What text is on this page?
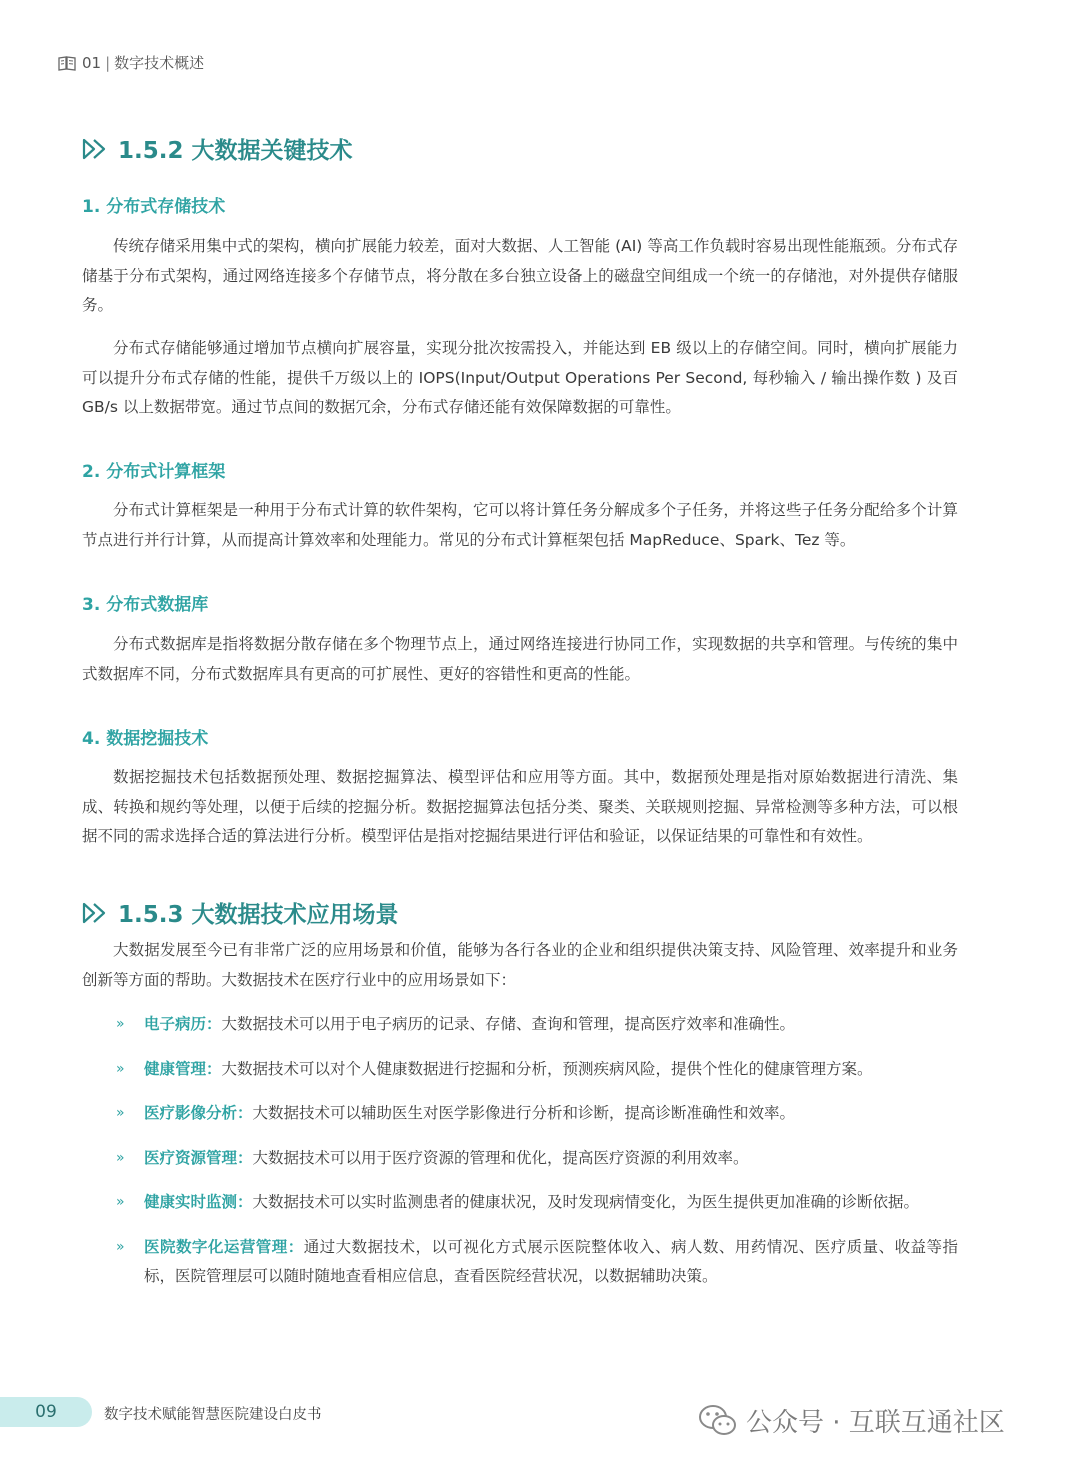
01 | 数字技术概述
1.5.2 大数据关键技术
1. 分布式存储技术

传统存储采用集中式的架构，横向扩展能力较差，面对大数据、人工智能 (AI) 等高工作负载时容易出现性能瓶颈。分布式存储基于分布式架构，通过网络连接多个存储节点，将分散在多台独立设备上的磁盘空间组成一个统一的存储池，对外提供存储服务。

分布式存储能够通过增加节点横向扩展容量，实现分批次按需投入，并能达到 EB 级以上的存储空间。同时，横向扩展能力可以提升分布式存储的性能，提供千万级以上的 IOPS(Input/Output Operations Per Second, 每秒输入 / 输出操作数 ) 及百 GB/s 以上数据带宽。通过节点间的数据冗余，分布式存储还能有效保障数据的可靠性。

2. 分布式计算框架

分布式计算框架是一种用于分布式计算的软件架构，它可以将计算任务分解成多个子任务，并将这些子任务分配给多个计算节点进行并行计算，从而提高计算效率和处理能力。常见的分布式计算框架包括 MapReduce、Spark、Tez 等。

3. 分布式数据库

分布式数据库是指将数据分散存储在多个物理节点上，通过网络连接进行协同工作，实现数据的共享和管理。与传统的集中式数据库不同，分布式数据库具有更高的可扩展性、更好的容错性和更高的性能。

4. 数据挖掘技术

数据挖掘技术包括数据预处理、数据挖掘算法、模型评估和应用等方面。其中，数据预处理是指对原始数据进行清洗、集成、转换和规约等处理，以便于后续的挖掘分析。数据挖掘算法包括分类、聚类、关联规则挖掘、异常检测等多种方法，可以根据不同的需求选择合适的算法进行分析。模型评估是指对挖掘结果进行评估和验证，以保证结果的可靠性和有效性。

1.5.3 大数据技术应用场景

大数据发展至今已有非常广泛的应用场景和价值，能够为各行各业的企业和组织提供决策支持、风险管理、效率提升和业务创新等方面的帮助。大数据技术在医疗行业中的应用场景如下：

» 电子病历：大数据技术可以用于电子病历的记录、存储、查询和管理，提高医疗效率和准确性。
» 健康管理：大数据技术可以对个人健康数据进行挖掘和分析，预测疾病风险，提供个性化的健康管理方案。
» 医疗影像分析：大数据技术可以辅助医生对医学影像进行分析和诊断，提高诊断准确性和效率。
» 医疗资源管理：大数据技术可以用于医疗资源的管理和优化，提高医疗资源的利用效率。
» 健康实时监测：大数据技术可以实时监测患者的健康状况，及时发现病情变化，为医生提供更加准确的诊断依据。
» 医院数字化运营管理：通过大数据技术，以可视化方式展示医院整体收入、病人数、用药情况、医疗质量、收益等指标，医院管理层可以随时随地查看相应信息，查看医院经营状况，以数据辅助决策。
09	数字技术赋能智慧医院建设白皮书	公众号 · 互联互通社区
